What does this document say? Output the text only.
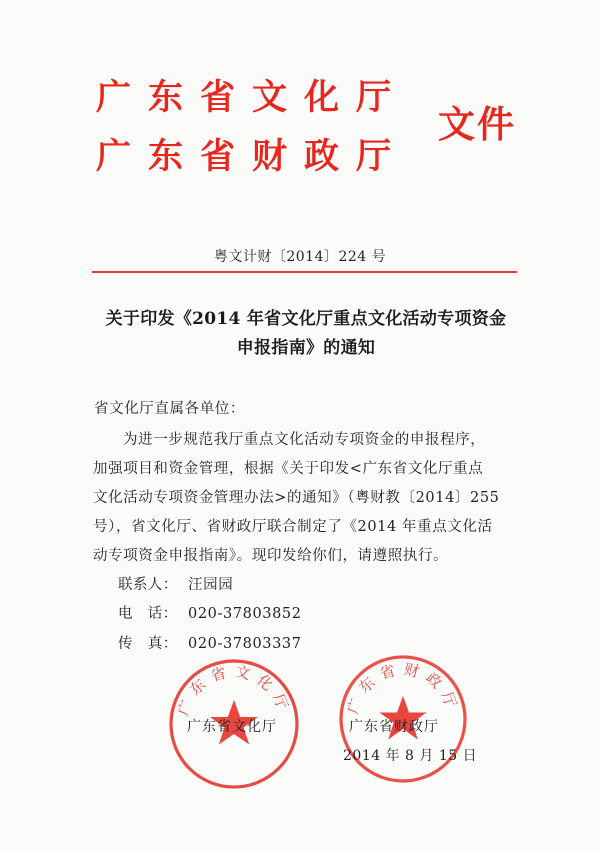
广东省文化厅
广东省财政厅
文件
粤文计财〔2014〕224 号
关于印发《2014 年省文化厅重点文化活动专项资金
申报指南》的通知
省文化厅直属各单位：
为进一步规范我厅重点文化活动专项资金的申报程序，
加强项目和资金管理，根据《关于印发<广东省文化厅重点
文化活动专项资金管理办法>的通知》（粤财教〔2014〕255
号），省文化厅、省财政厅联合制定了《2014 年重点文化活
动专项资金申报指南》。现印发给你们，请遵照执行。
联系人： 汪园园
电　话： 020-37803852
传　真： 020-37803337
广东省文化厅	广东省财政厅
广东省文化厅	广东省财政厅
2014 年 8 月 15 日
